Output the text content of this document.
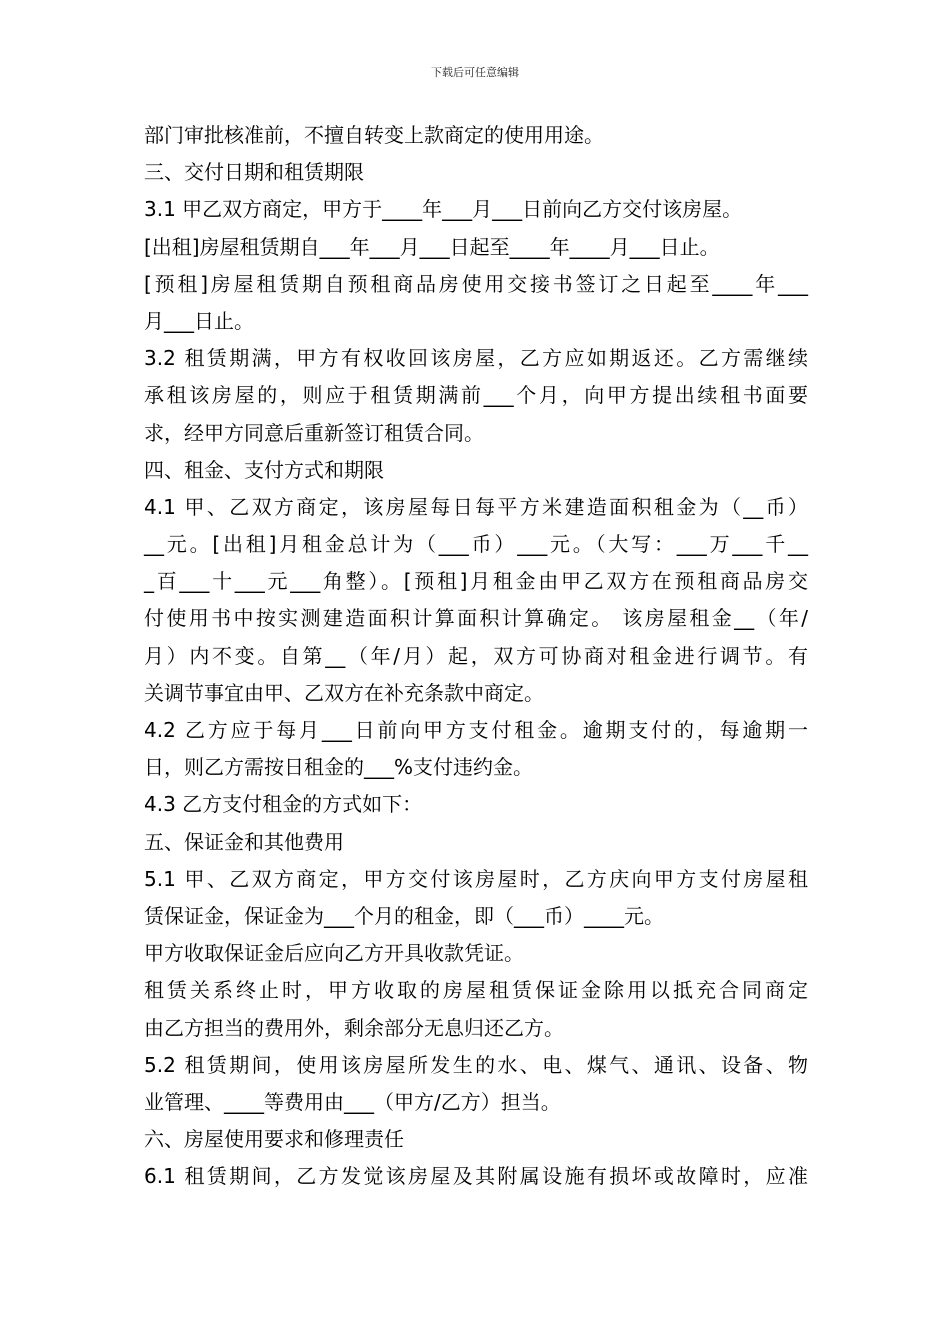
下载后可任意编辑
部门审批核准前，不擅自转变上款商定的使用用途。
三、交付日期和租赁期限
3.1 甲乙双方商定，甲方于____年___月___日前向乙方交付该房屋。
[出租]房屋租赁期自___年___月___日起至____年____月___日止。
[预租]房屋租赁期自预租商品房使用交接书签订之日起至____年___
月___日止。
3.2 租赁期满，甲方有权收回该房屋，乙方应如期返还。乙方需继续
承租该房屋的，则应于租赁期满前___个月，向甲方提出续租书面要
求，经甲方同意后重新签订租赁合同。
四、租金、支付方式和期限
4.1 甲、乙双方商定，该房屋每日每平方米建造面积租金为（__币）
__元。[出租]月租金总计为（___币）___元。（大写：___万___千__
_百___十___元___角整）。[预租]月租金由甲乙双方在预租商品房交
付使用书中按实测建造面积计算面积计算确定。 该房屋租金__（年/
月）内不变。自第__（年/月）起，双方可协商对租金进行调节。有
关调节事宜由甲、乙双方在补充条款中商定。
4.2 乙方应于每月___日前向甲方支付租金。逾期支付的，每逾期一
日，则乙方需按日租金的___%支付违约金。
4.3 乙方支付租金的方式如下：
五、保证金和其他费用
5.1 甲、乙双方商定，甲方交付该房屋时，乙方庆向甲方支付房屋租
赁保证金，保证金为___个月的租金，即（___币）____元。
甲方收取保证金后应向乙方开具收款凭证。
租赁关系终止时，甲方收取的房屋租赁保证金除用以抵充合同商定
由乙方担当的费用外，剩余部分无息归还乙方。
5.2 租赁期间，使用该房屋所发生的水、电、煤气、通讯、设备、物
业管理、____等费用由___（甲方/乙方）担当。
六、房屋使用要求和修理责任
6.1 租赁期间，乙方发觉该房屋及其附属设施有损坏或故障时，应准
